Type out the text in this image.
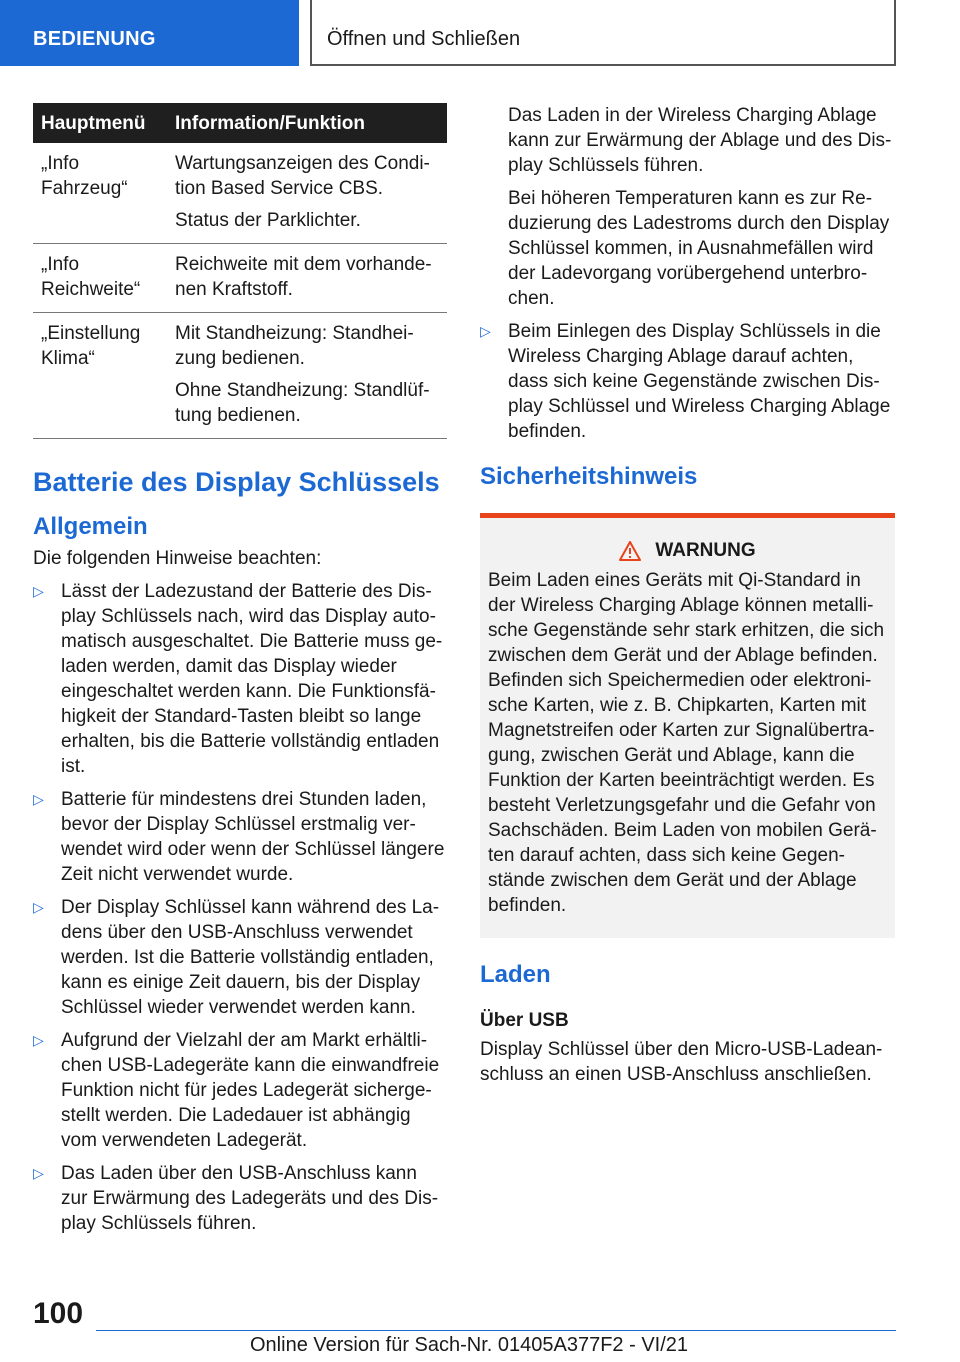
BEDIENUNG	Öffnen und Schließen
Hauptmenü	Information/Funktion
„Info Fahrzeug“	Wartungsanzeigen des Condi-tion Based Service CBS.

Status der Parklichter.

„Info Reichweite“	Reichweite mit dem vorhande-nen Kraftstoff.

„Einstellung Klima“	Mit Standheizung: Standhei-zung bedienen.

Ohne Standheizung: Standlüf-tung bedienen.

Batterie des Display Schlüssels
Allgemein

Die folgenden Hinweise beachten:

▷ Lässt der Ladezustand der Batterie des Dis-play Schlüssels nach, wird das Display auto-matisch ausgeschaltet. Die Batterie muss ge-laden werden, damit das Display wieder eingeschaltet werden kann. Die Funktionsfä-higkeit der Standard-Tasten bleibt so lange erhalten, bis die Batterie vollständig entladen ist.
▷ Batterie für mindestens drei Stunden laden, bevor der Display Schlüssel erstmalig ver-wendet wird oder wenn der Schlüssel längere Zeit nicht verwendet wurde.
▷ Der Display Schlüssel kann während des La-dens über den USB-Anschluss verwendet werden. Ist die Batterie vollständig entladen, kann es einige Zeit dauern, bis der Display Schlüssel wieder verwendet werden kann.
▷ Aufgrund der Vielzahl der am Markt erhältli-chen USB-Ladegeräte kann die einwandfreie Funktion nicht für jedes Ladegerät sicherge-stellt werden. Die Ladedauer ist abhängig vom verwendeten Ladegerät.
▷ Das Laden über den USB-Anschluss kann zur Erwärmung des Ladegeräts und des Dis-play Schlüssels führen.

Das Laden in der Wireless Charging Ablage kann zur Erwärmung der Ablage und des Dis-play Schlüssels führen.

Bei höheren Temperaturen kann es zur Re-duzierung des Ladestroms durch den Display Schlüssel kommen, in Ausnahmefällen wird der Ladevorgang vorübergehend unterbro-chen.

▷ Beim Einlegen des Display Schlüssels in die Wireless Charging Ablage darauf achten, dass sich keine Gegenstände zwischen Dis-play Schlüssel und Wireless Charging Ablage befinden.
Sicherheitshinweis
WARNUNG

Beim Laden eines Geräts mit Qi-Standard in der Wireless Charging Ablage können metalli-sche Gegenstände sehr stark erhitzen, die sich zwischen dem Gerät und der Ablage befinden. Befinden sich Speichermedien oder elektroni-sche Karten, wie z. B. Chipkarten, Karten mit Magnetstreifen oder Karten zur Signalübertra-gung, zwischen Gerät und Ablage, kann die Funktion der Karten beeinträchtigt werden. Es besteht Verletzungsgefahr und die Gefahr von Sachschäden. Beim Laden von mobilen Gerä-ten darauf achten, dass sich keine Gegen-stände zwischen dem Gerät und der Ablage befinden.

Laden
Über USB

Display Schlüssel über den Micro-USB-Ladean-schluss an einen USB-Anschluss anschließen.

100
Online Version für Sach-Nr. 01405A377F2 - VI/21
